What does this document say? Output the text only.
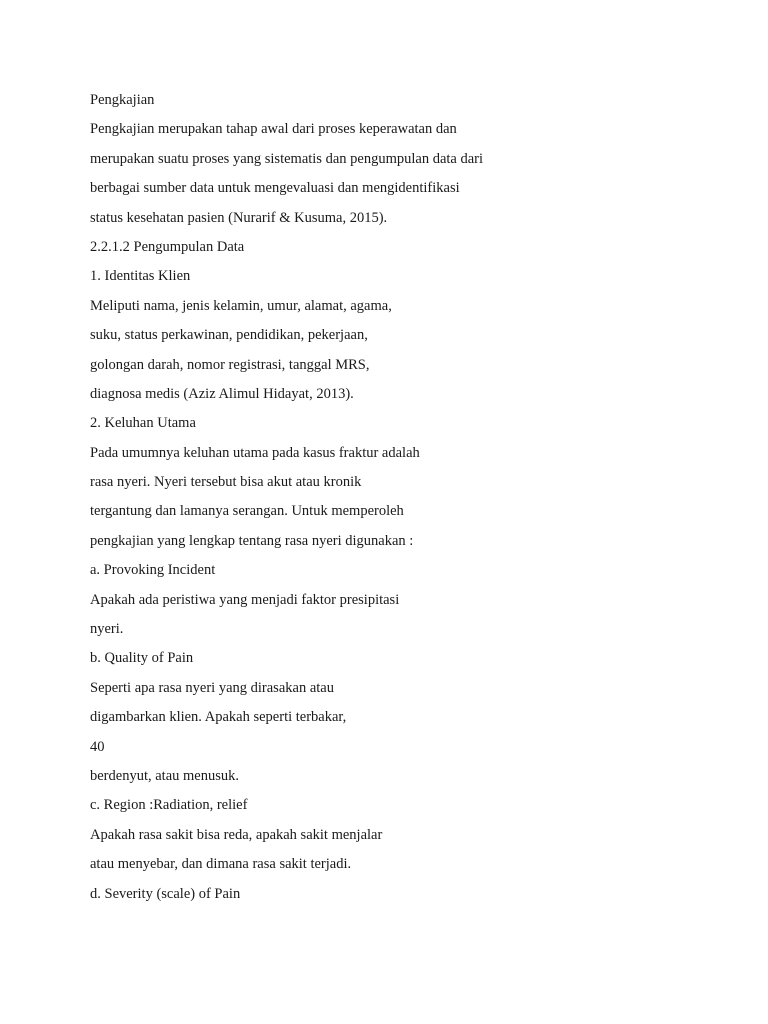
Pengkajian
Pengkajian merupakan tahap awal dari proses keperawatan dan
merupakan suatu proses yang sistematis dan pengumpulan data dari
berbagai sumber data untuk mengevaluasi dan mengidentifikasi
status kesehatan pasien (Nurarif & Kusuma, 2015).
2.2.1.2 Pengumpulan Data
1. Identitas Klien
Meliputi nama, jenis kelamin, umur, alamat, agama,
suku, status perkawinan, pendidikan, pekerjaan,
golongan darah, nomor registrasi, tanggal MRS,
diagnosa medis (Aziz Alimul Hidayat, 2013).
2. Keluhan Utama
Pada umumnya keluhan utama pada kasus fraktur adalah
rasa nyeri. Nyeri tersebut bisa akut atau kronik
tergantung dan lamanya serangan. Untuk memperoleh
pengkajian yang lengkap tentang rasa nyeri digunakan :
a. Provoking Incident
Apakah ada peristiwa yang menjadi faktor presipitasi
nyeri.
b. Quality of Pain
Seperti apa rasa nyeri yang dirasakan atau
digambarkan klien. Apakah seperti terbakar,
40
berdenyut, atau menusuk.
c. Region :Radiation, relief
Apakah rasa sakit bisa reda, apakah sakit menjalar
atau menyebar, dan dimana rasa sakit terjadi.
d. Severity (scale) of Pain
